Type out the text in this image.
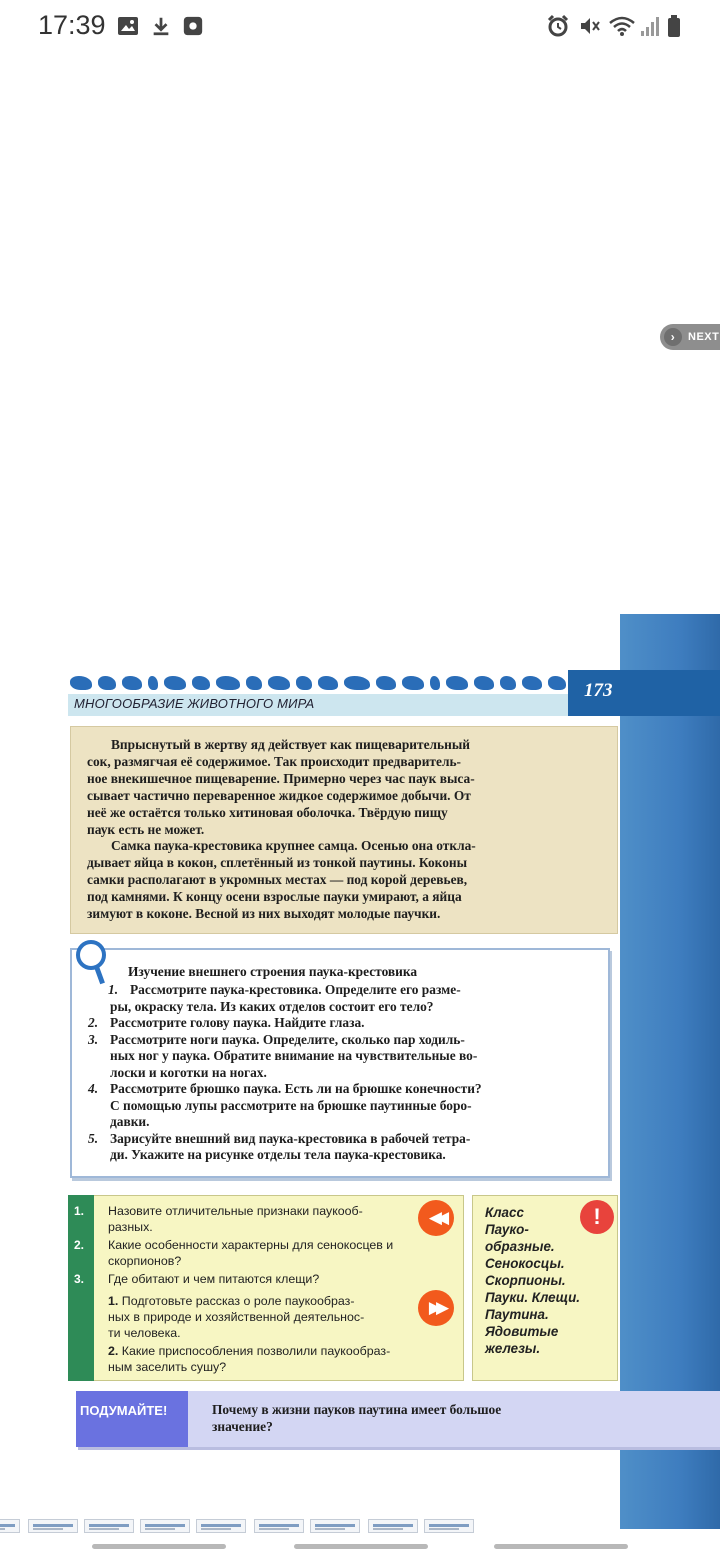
17:39
›	NEXT
МНОГООБРАЗИЕ ЖИВОТНОГО МИРА
173

Впрыснутый в жертву яд действует как пищеварительный

сок, размягчая её содержимое. Так происходит предваритель-

ное внекишечное пищеварение. Примерно через час паук выса-

сывает частично переваренное жидкое содержимое добычи. От

неё же остаётся только хитиновая оболочка. Твёрдую пищу

паук есть не может.

Самка паука-крестовика крупнее самца. Осенью она откла-

дывает яйца в кокон, сплетённый из тонкой паутины. Коконы

самки располагают в укромных местах — под корой деревьев,

под камнями. К концу осени взрослые пауки умирают, а яйца

зимуют в коконе. Весной из них выходят молодые паучки.

Изучение внешнего строения паука-крестовика
1. Рассмотрите паука-крестовика. Определите его разме-
ры, окраску тела. Из каких отделов состоит его тело?
2. Рассмотрите голову паука. Найдите глаза.
3. Рассмотрите ноги паука. Определите, сколько пар ходиль-
ных ног у паука. Обратите внимание на чувствительные во-
лоски и коготки на ногах.
4. Рассмотрите брюшко паука. Есть ли на брюшке конечности?
С помощью лупы рассмотрите на брюшке паутинные боро-
давки.
5. Зарисуйте внешний вид паука-крестовика в рабочей тетра-
ди. Укажите на рисунке отделы тела паука-крестовика.
1.	Назовите отличительные признаки паукооб-
разных.
2.	Какие особенности характерны для сенокосцев и
скорпионов?
3.	Где обитают и чем питаются клещи?
1. Подготовьте рассказ о роле паукообраз-
ных в природе и хозяйственной деятельнос-
ти человека.
2. Какие приспособления позволили паукообраз-
ным заселить сушу?
◀◀
▶▶
Класс
Пауко-
образные.
Сенокосцы.
Скорпионы.
Пауки. Клещи.
Паутина.
Ядовитые
железы.
!
ПОДУМАЙТЕ!	Почему в жизни пауков паутина имеет большое
значение?
